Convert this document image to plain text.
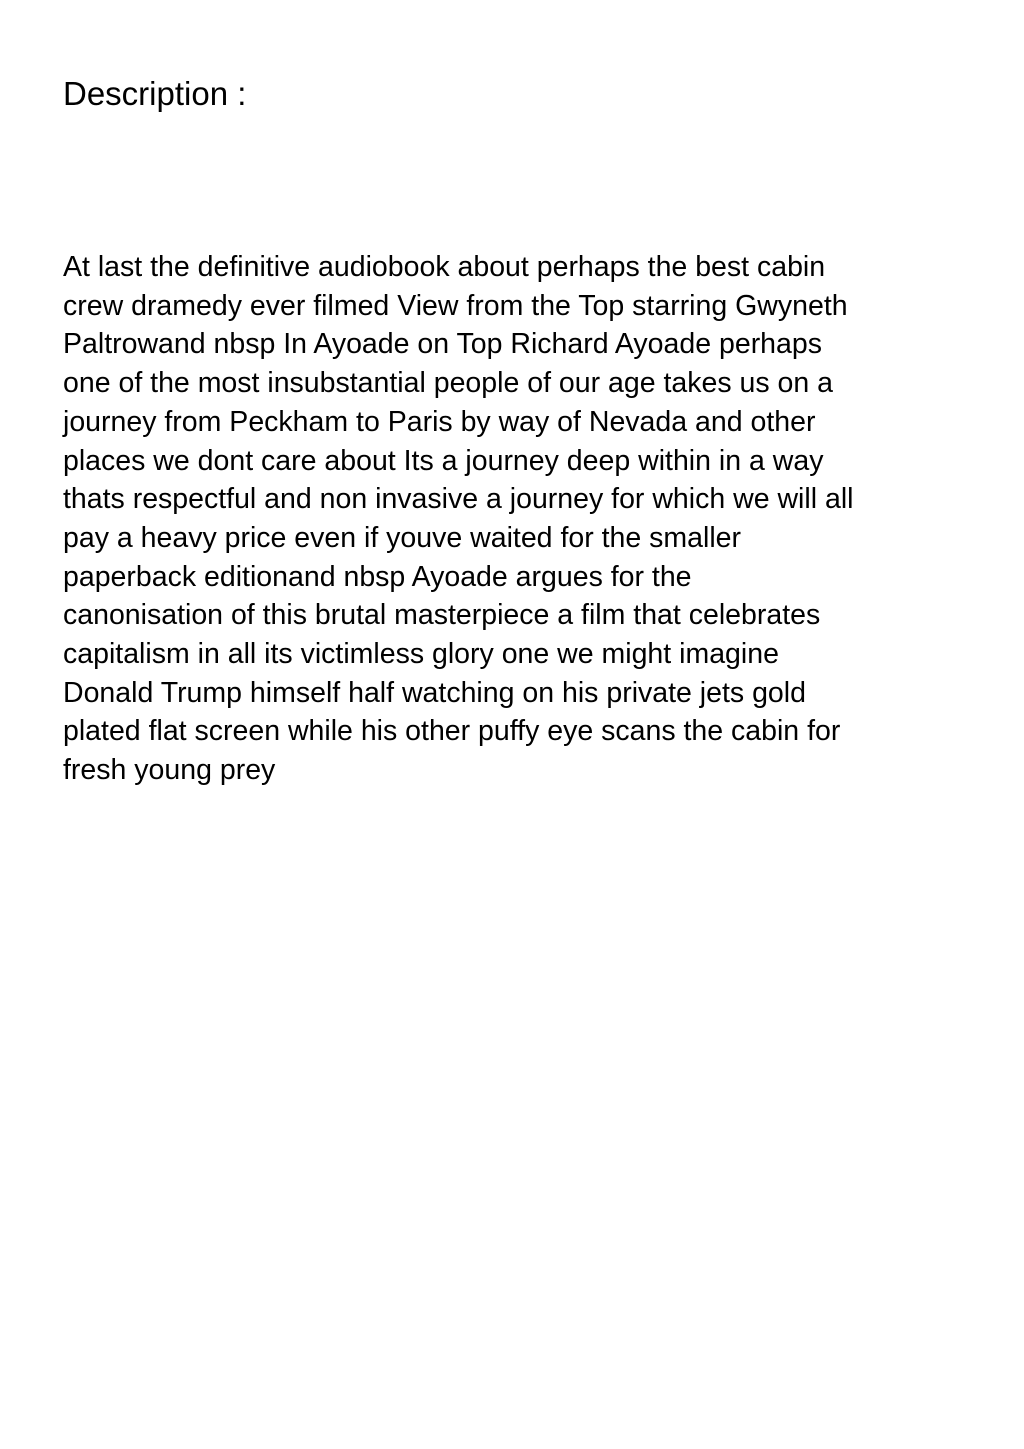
Description :

At last the definitive audiobook about perhaps the best cabin
crew dramedy ever filmed View from the Top starring Gwyneth
Paltrowand nbsp In Ayoade on Top Richard Ayoade perhaps
one of the most insubstantial people of our age takes us on a
journey from Peckham to Paris by way of Nevada and other
places we dont care about Its a journey deep within in a way
thats respectful and non invasive a journey for which we will all
pay a heavy price even if youve waited for the smaller
paperback editionand nbsp Ayoade argues for the
canonisation of this brutal masterpiece a film that celebrates
capitalism in all its victimless glory one we might imagine
Donald Trump himself half watching on his private jets gold
plated flat screen while his other puffy eye scans the cabin for
fresh young prey
